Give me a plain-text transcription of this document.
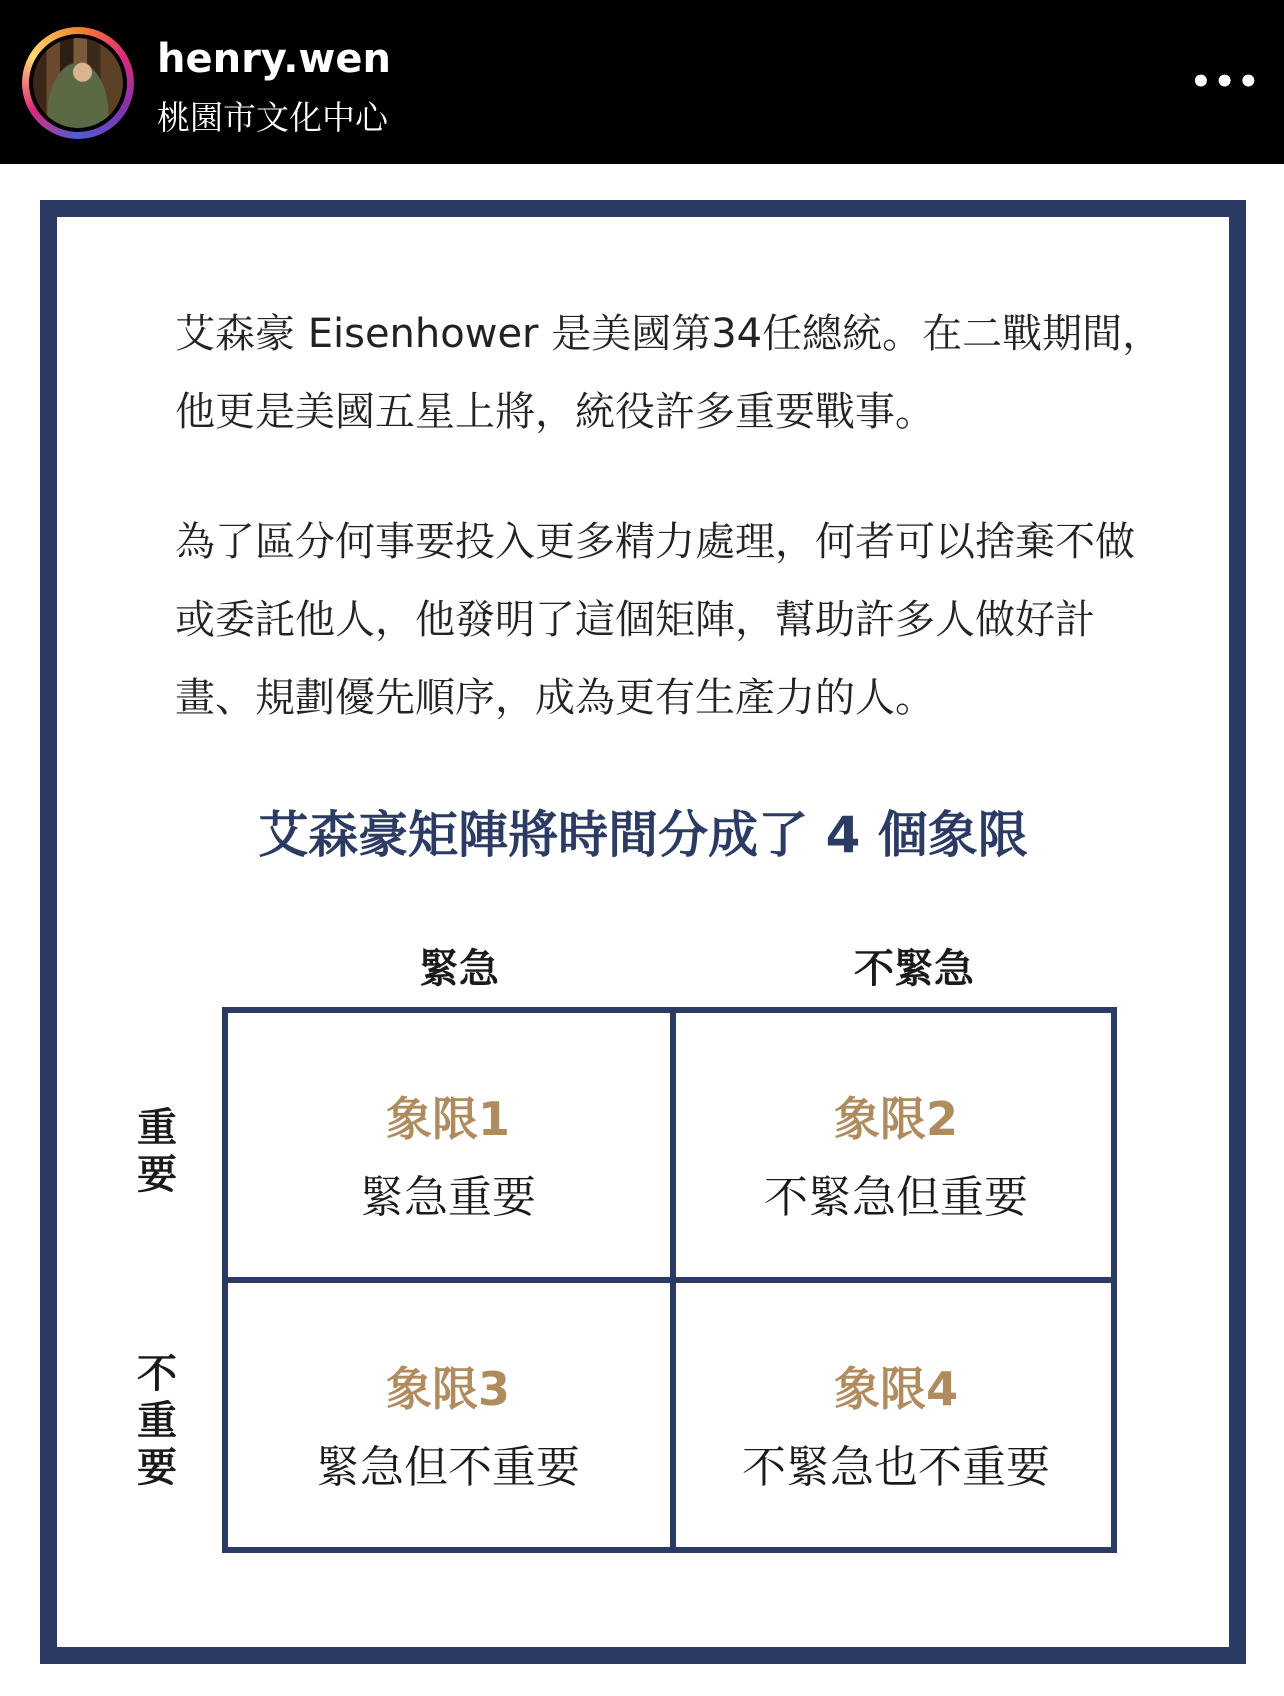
henry.wen
桃園市文化中心
•••

艾森豪 Eisenhower 是美國第34任總統。在二戰期間，他更是美國五星上將，統役許多重要戰事。

為了區分何事要投入更多精力處理，何者可以捨棄不做或委託他人，他發明了這個矩陣，幫助許多人做好計畫、規劃優先順序，成為更有生產力的人。

艾森豪矩陣將時間分成了 4 個象限
緊急	不緊急
重要
不重要
象限1
緊急重要
象限2
不緊急但重要
象限3
緊急但不重要
象限4
不緊急也不重要
